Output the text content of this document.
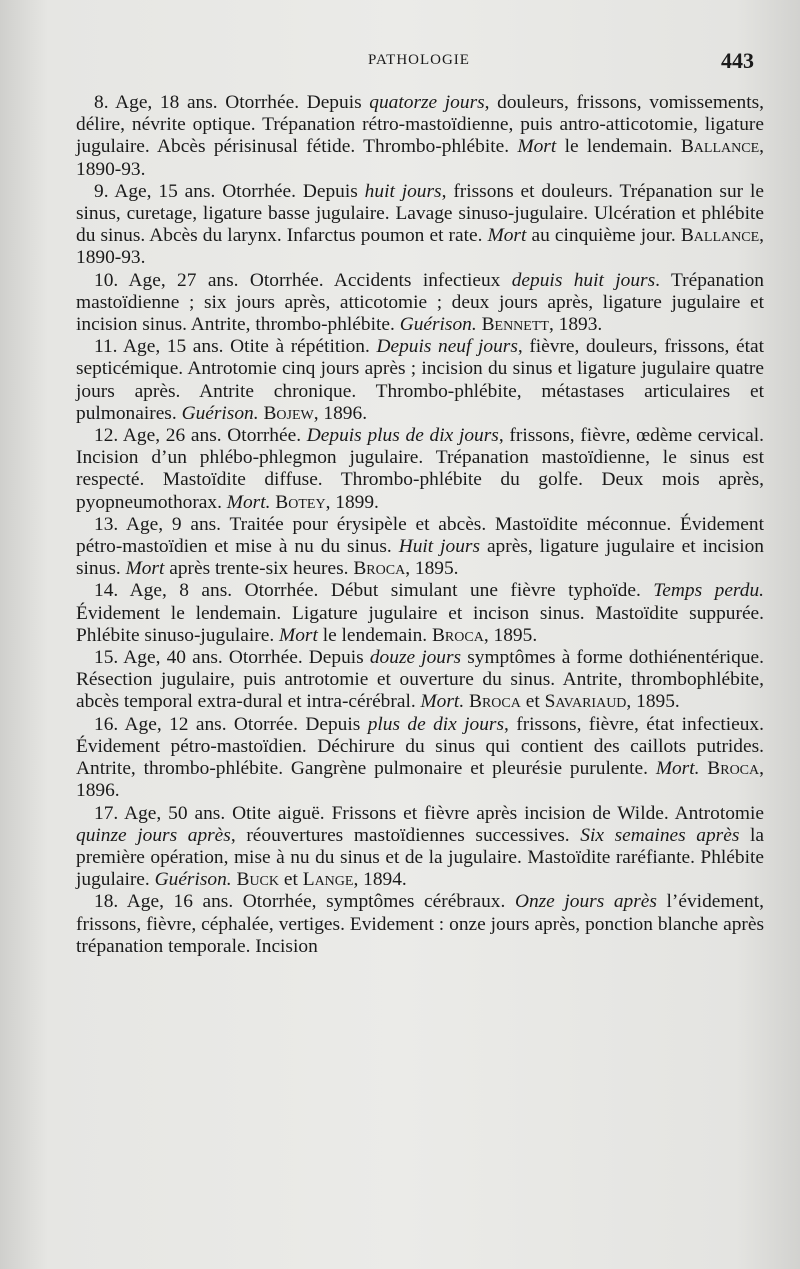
PATHOLOGIE	443

8. Age, 18 ans. Otorrhée. Depuis quatorze jours, douleurs, frissons, vomissements, délire, névrite optique. Trépanation rétro-mastoïdienne, puis antro-atticotomie, ligature jugulaire. Abcès périsinusal fétide. Thrombo-phlébite. Mort le lendemain. Ballance, 1890-93.

9. Age, 15 ans. Otorrhée. Depuis huit jours, frissons et douleurs. Trépanation sur le sinus, curetage, ligature basse jugulaire. Lavage sinuso-jugulaire. Ulcération et phlébite du sinus. Abcès du larynx. Infarctus poumon et rate. Mort au cinquième jour. Ballance, 1890-93.

10. Age, 27 ans. Otorrhée. Accidents infectieux depuis huit jours. Trépanation mastoïdienne ; six jours après, atticotomie ; deux jours après, ligature jugulaire et incision sinus. Antrite, thrombo-phlébite. Guérison. Bennett, 1893.

11. Age, 15 ans. Otite à répétition. Depuis neuf jours, fièvre, douleurs, frissons, état septicémique. Antrotomie cinq jours après ; incision du sinus et ligature jugulaire quatre jours après. Antrite chronique. Thrombo-phlébite, métastases articulaires et pulmonaires. Guérison. Bojew, 1896.

12. Age, 26 ans. Otorrhée. Depuis plus de dix jours, frissons, fièvre, œdème cervical. Incision d’un phlébo-phlegmon jugulaire. Trépanation mastoïdienne, le sinus est respecté. Mastoïdite diffuse. Thrombo-phlébite du golfe. Deux mois après, pyopneumothorax. Mort. Botey, 1899.

13. Age, 9 ans. Traitée pour érysipèle et abcès. Mastoïdite méconnue. Évidement pétro-mastoïdien et mise à nu du sinus. Huit jours après, ligature jugulaire et incision sinus. Mort après trente-six heures. Broca, 1895.

14. Age, 8 ans. Otorrhée. Début simulant une fièvre typhoïde. Temps perdu. Évidement le lendemain. Ligature jugulaire et incison sinus. Mastoïdite suppurée. Phlébite sinuso-jugulaire. Mort le lendemain. Broca, 1895.

15. Age, 40 ans. Otorrhée. Depuis douze jours symptômes à forme dothiénentérique. Résection jugulaire, puis antrotomie et ouverture du sinus. Antrite, thrombophlébite, abcès temporal extra-dural et intra-cérébral. Mort. Broca et Savariaud, 1895.

16. Age, 12 ans. Otorrée. Depuis plus de dix jours, frissons, fièvre, état infectieux. Évidement pétro-mastoïdien. Déchirure du sinus qui contient des caillots putrides. Antrite, thrombo-phlébite. Gangrène pulmonaire et pleurésie purulente. Mort. Broca, 1896.

17. Age, 50 ans. Otite aiguë. Frissons et fièvre après incision de Wilde. Antrotomie quinze jours après, réouvertures mastoïdiennes successives. Six semaines après la première opération, mise à nu du sinus et de la jugulaire. Mastoïdite raréfiante. Phlébite jugulaire. Guérison. Buck et Lange, 1894.

18. Age, 16 ans. Otorrhée, symptômes cérébraux. Onze jours après l’évidement, frissons, fièvre, céphalée, vertiges. Evidement : onze jours après, ponction blanche après trépanation temporale. Incision
